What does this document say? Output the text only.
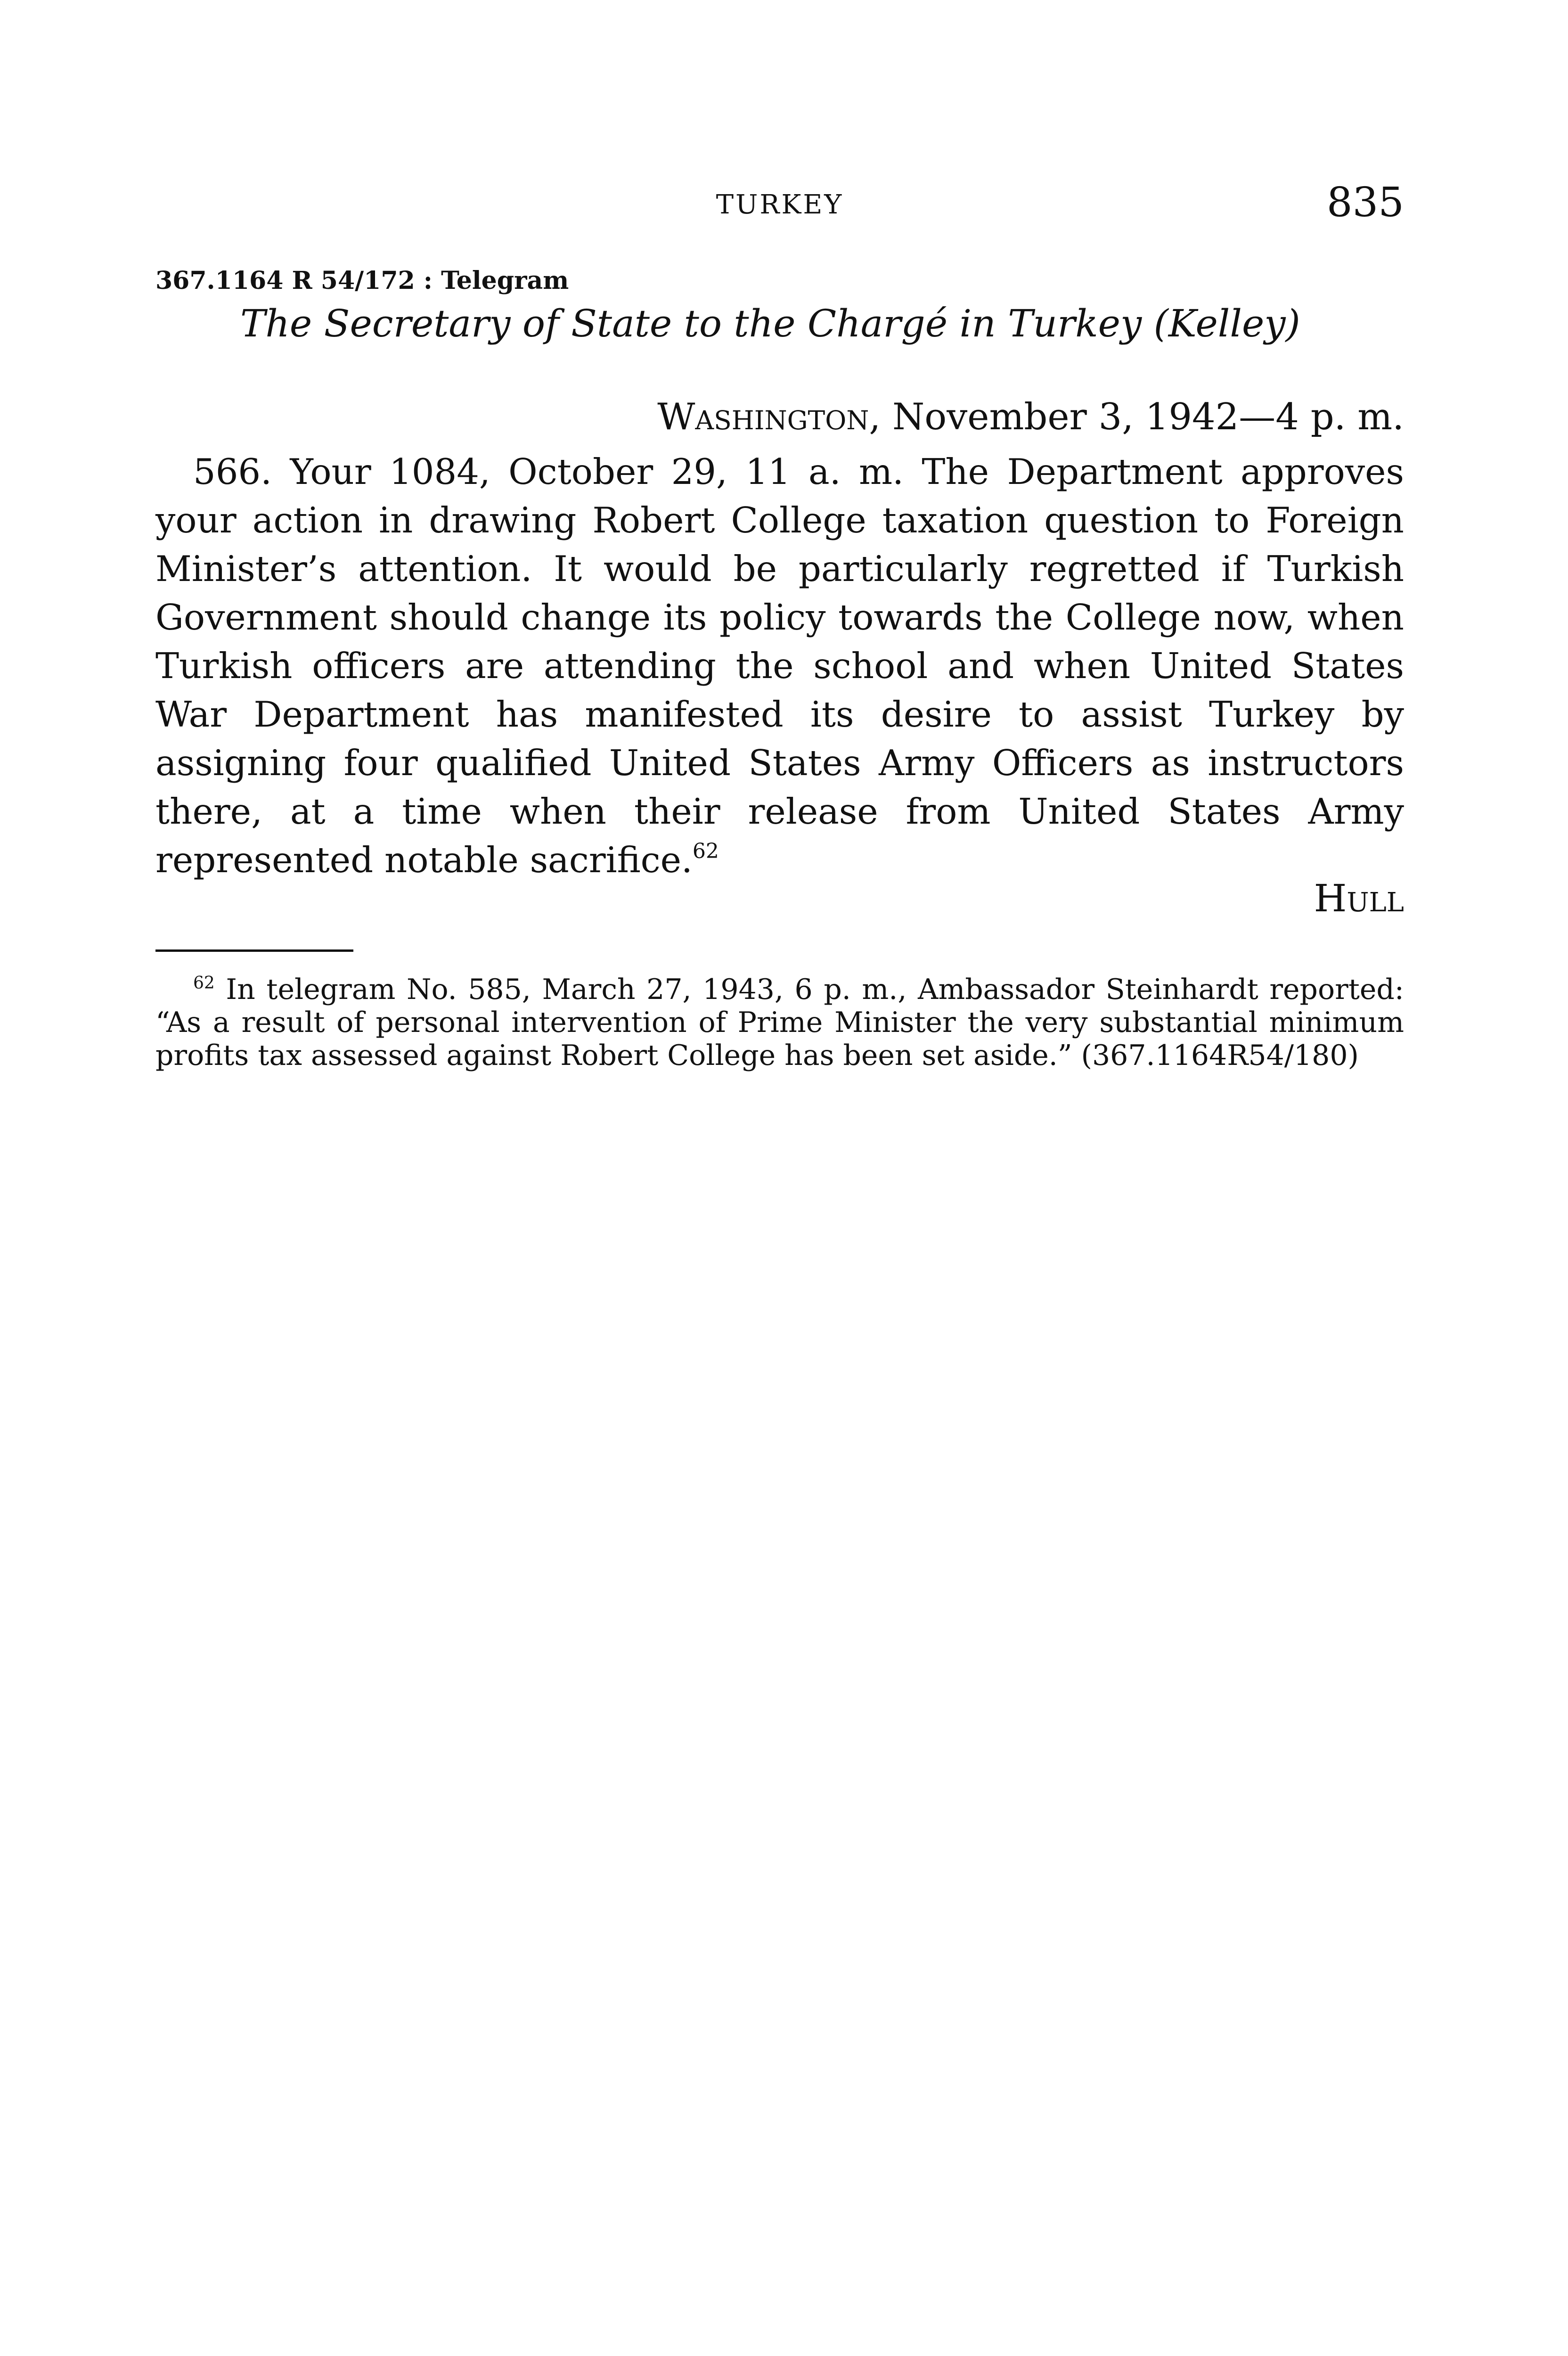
TURKEY	835
367.1164 R 54/172 : Telegram
The Secretary of State to the Chargé in Turkey (Kelley)
Washington, November 3, 1942—4 p. m.

566. Your 1084, October 29, 11 a. m. The Department approves your action in drawing Robert College taxation question to Foreign Minister’s attention. It would be particularly regretted if Turkish Government should change its policy towards the College now, when Turkish officers are attending the school and when United States War Department has manifested its desire to assist Turkey by assigning four qualified United States Army Officers as instructors there, at a time when their release from United States Army represented notable sacrifice.$^{62}$

Hull

$^{62}$ In telegram No. 585, March 27, 1943, 6 p. m., Ambassador Steinhardt reported: “As a result of personal intervention of Prime Minister the very substantial minimum profits tax assessed against Robert College has been set aside.” (367.1164R54/180)
